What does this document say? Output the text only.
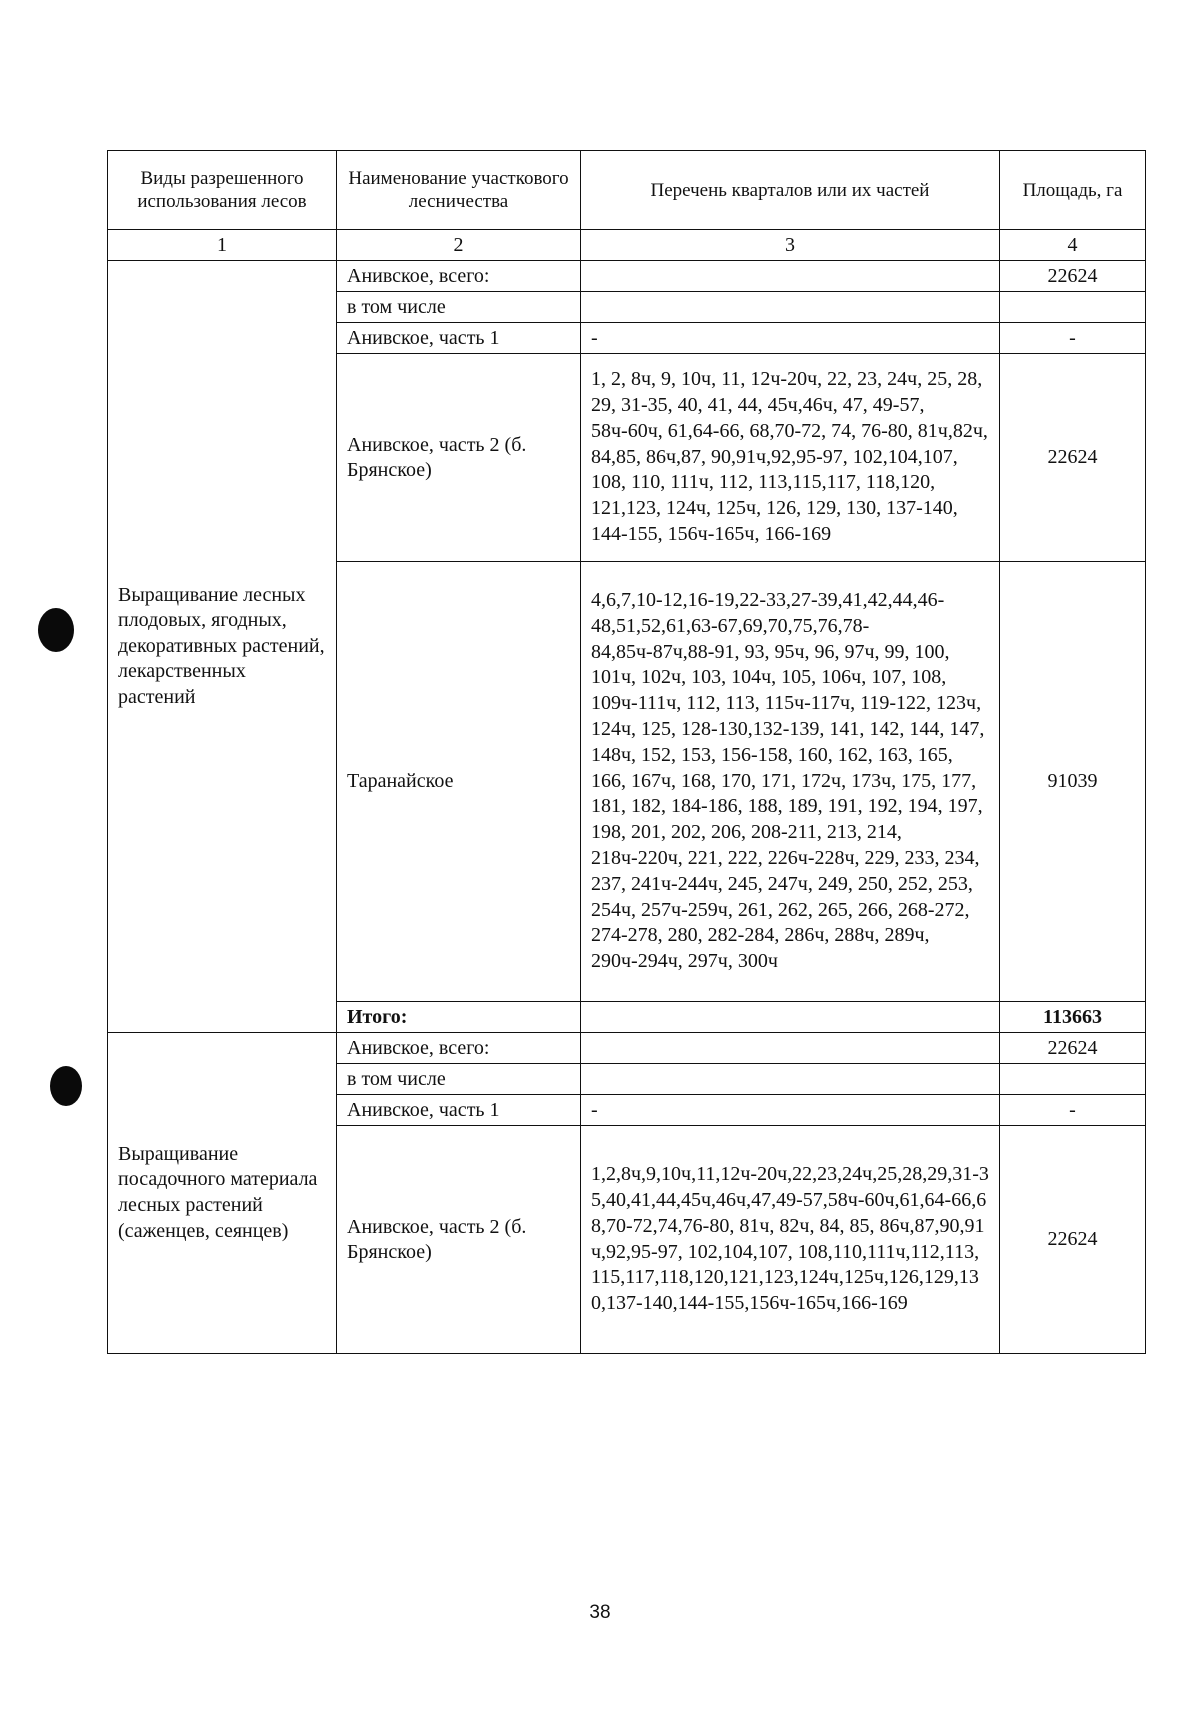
Виды разрешенного использования лесов	Наименование участкового лесничества	Перечень кварталов или их частей	Площадь, га
1	2	3	4
Выращивание лесных плодовых, ягодных, декоративных растений, лекарственных растений	Анивское, всего:		22624
	в том числе		
	Анивское, часть 1	-	-
	Анивское, часть 2 (б. Брянское)	1, 2, 8ч, 9, 10ч, 11, 12ч-20ч, 22, 23, 24ч, 25, 28, 29, 31-35, 40, 41, 44, 45ч,46ч, 47, 49-57, 58ч-60ч, 61,64-66, 68,70-72, 74, 76-80, 81ч,82ч, 84,85, 86ч,87, 90,91ч,92,95-97, 102,104,107, 108, 110, 111ч, 112, 113,115,117, 118,120, 121,123, 124ч, 125ч, 126, 129, 130, 137-140, 144-155, 156ч-165ч, 166-169	22624
	Таранайское	4,6,7,10-12,16-19,22-33,27-39,41,42,44,46-48,51,52,61,63-67,69,70,75,76,78-84,85ч-87ч,88-91, 93, 95ч, 96, 97ч, 99, 100, 101ч, 102ч, 103, 104ч, 105, 106ч, 107, 108, 109ч-111ч, 112, 113, 115ч-117ч, 119-122, 123ч, 124ч, 125, 128-130,132-139, 141, 142, 144, 147, 148ч, 152, 153, 156-158, 160, 162, 163, 165, 166, 167ч, 168, 170, 171, 172ч, 173ч, 175, 177, 181, 182, 184-186, 188, 189, 191, 192, 194, 197, 198, 201, 202, 206, 208-211, 213, 214, 218ч-220ч, 221, 222, 226ч-228ч, 229, 233, 234, 237, 241ч-244ч, 245, 247ч, 249, 250, 252, 253, 254ч, 257ч-259ч, 261, 262, 265, 266, 268-272, 274-278, 280, 282-284, 286ч, 288ч, 289ч, 290ч-294ч, 297ч, 300ч	91039
	Итого:		113663
Выращивание посадочного материала лесных растений (саженцев, сеянцев)	Анивское, всего:		22624
	в том числе		
	Анивское, часть 1	-	-
	Анивское, часть 2 (б. Брянское)	1,2,8ч,9,10ч,11,12ч-20ч,22,23,24ч,25,28,29,31-35,40,41,44,45ч,46ч,47,49-57,58ч-60ч,61,64-66,68,70-72,74,76-80, 81ч, 82ч, 84, 85, 86ч,87,90,91ч,92,95-97, 102,104,107, 108,110,111ч,112,113,115,117,118,120,121,123,124ч,125ч,126,129,130,137-140,144-155,156ч-165ч,166-169	22624
38
